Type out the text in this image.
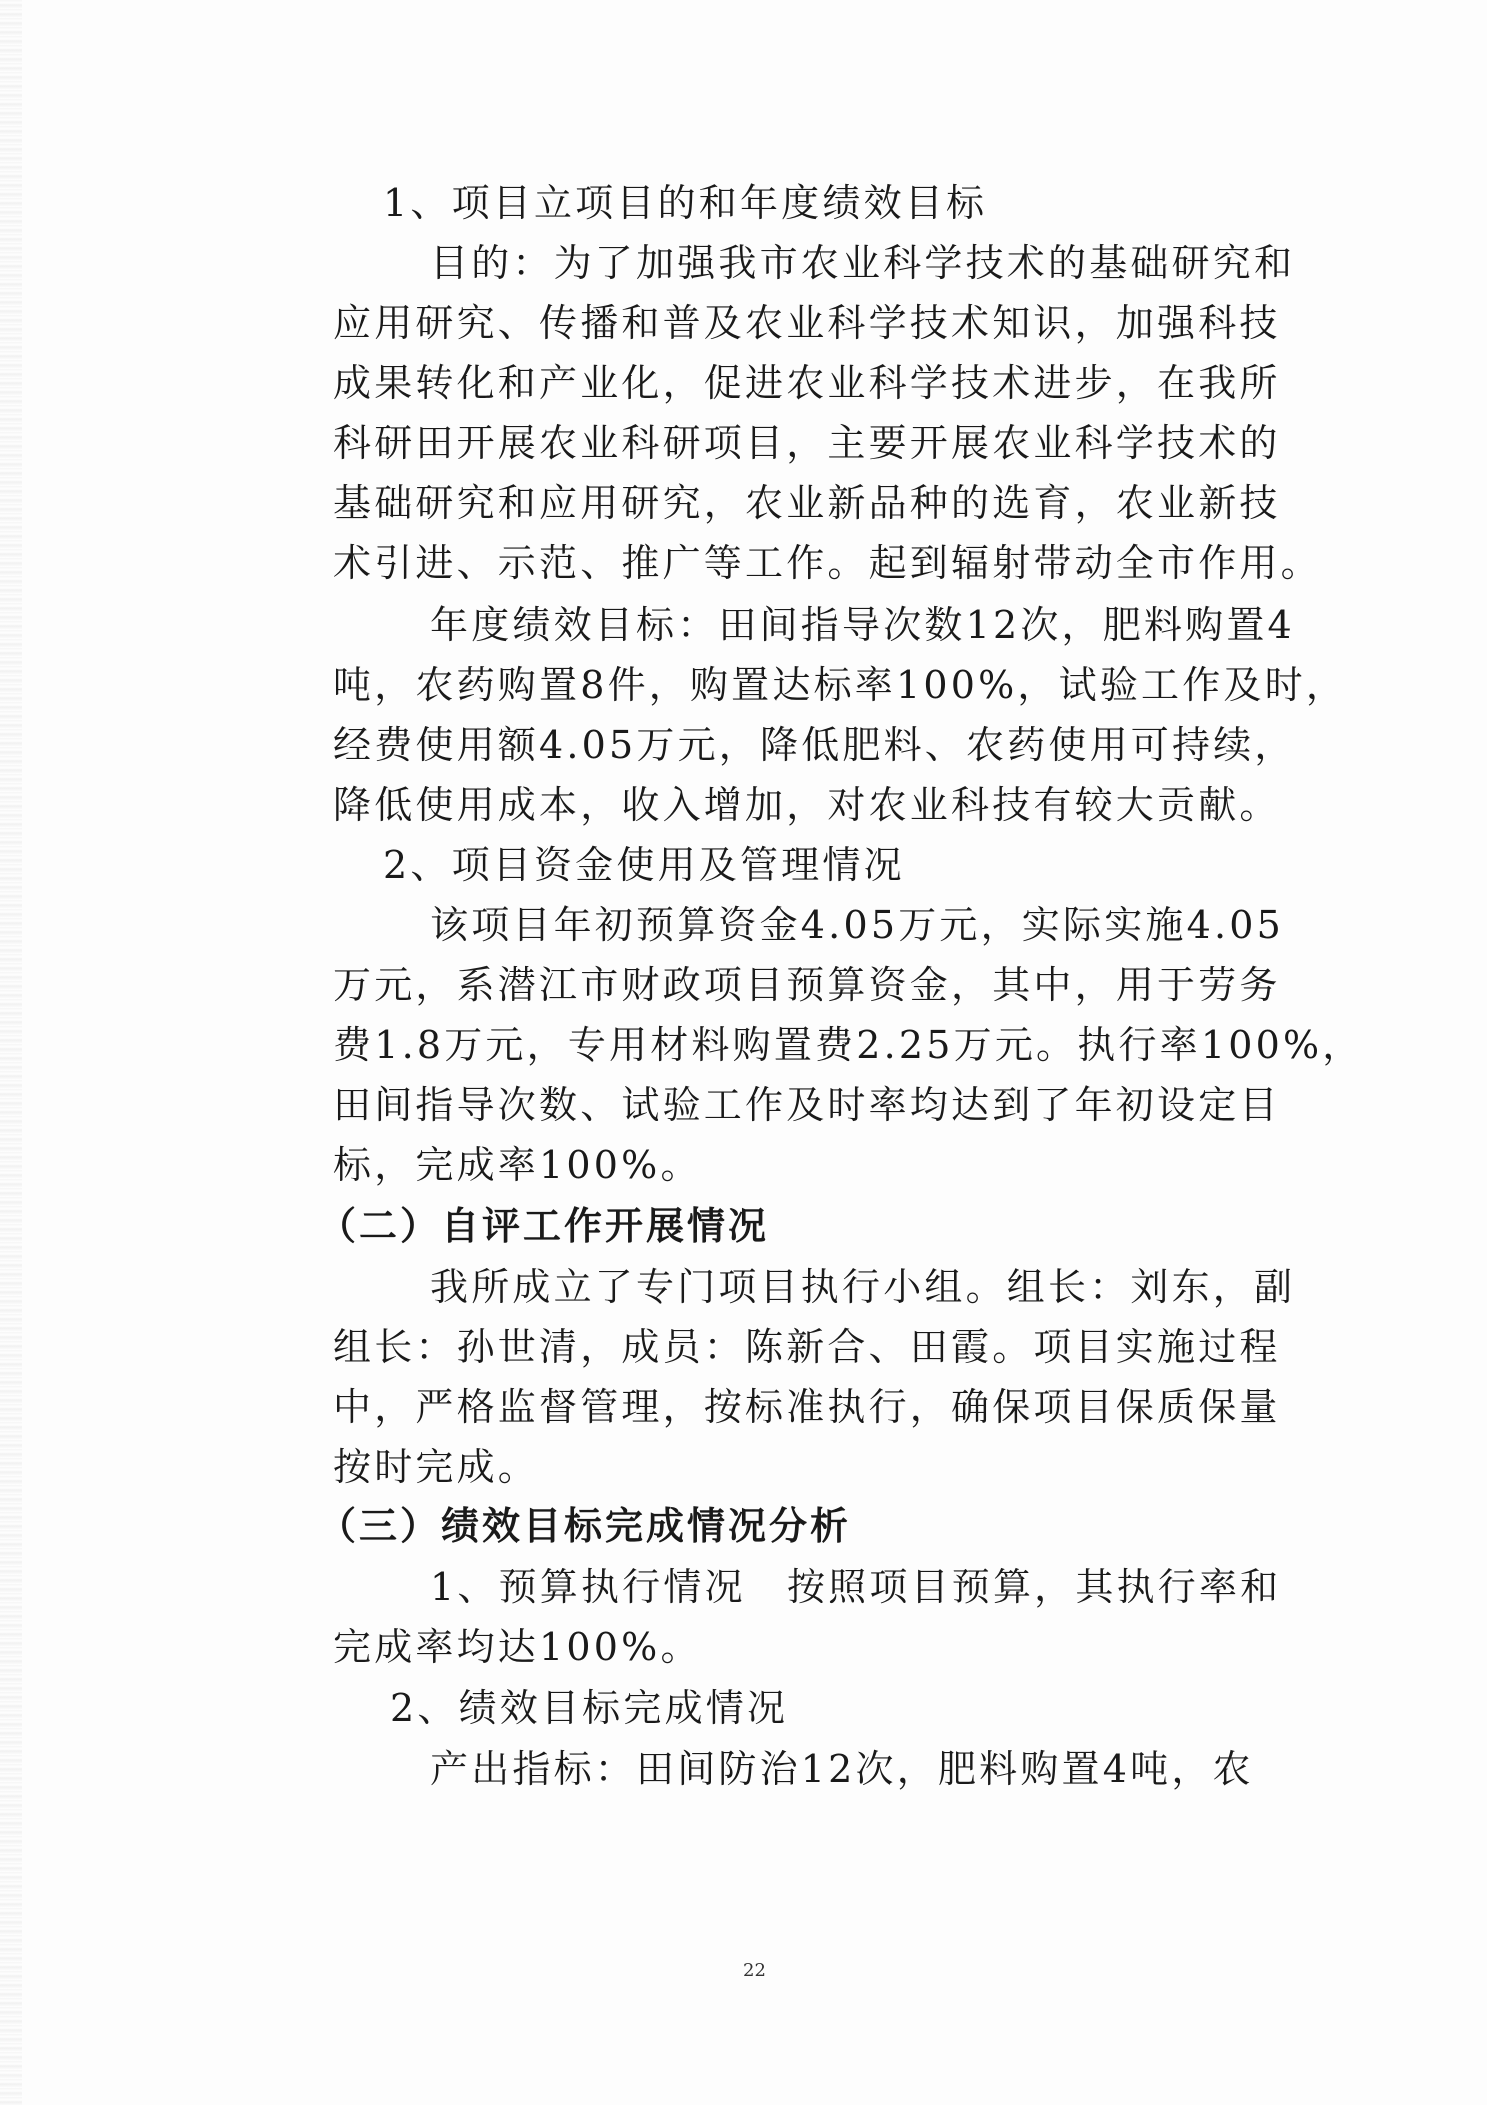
1、项目立项目的和年度绩效目标
目的：为了加强我市农业科学技术的基础研究和
应用研究、传播和普及农业科学技术知识，加强科技
成果转化和产业化，促进农业科学技术进步，在我所
科研田开展农业科研项目，主要开展农业科学技术的
基础研究和应用研究，农业新品种的选育，农业新技
术引进、示范、推广等工作。起到辐射带动全市作用。
年度绩效目标：田间指导次数12次，肥料购置4
吨，农药购置8件，购置达标率100%，试验工作及时，
经费使用额4.05万元，降低肥料、农药使用可持续，
降低使用成本，收入增加，对农业科技有较大贡献。
2、项目资金使用及管理情况
该项目年初预算资金4.05万元，实际实施4.05
万元，系潜江市财政项目预算资金，其中，用于劳务
费1.8万元，专用材料购置费2.25万元。执行率100%，
田间指导次数、试验工作及时率均达到了年初设定目
标，完成率100%。
（二）自评工作开展情况
我所成立了专门项目执行小组。组长：刘东，副
组长：孙世清，成员：陈新合、田霞。项目实施过程
中，严格监督管理，按标准执行，确保项目保质保量
按时完成。
（三）绩效目标完成情况分析
1、预算执行情况　按照项目预算，其执行率和
完成率均达100%。
2、绩效目标完成情况
产出指标：田间防治12次，肥料购置4吨，农
22
